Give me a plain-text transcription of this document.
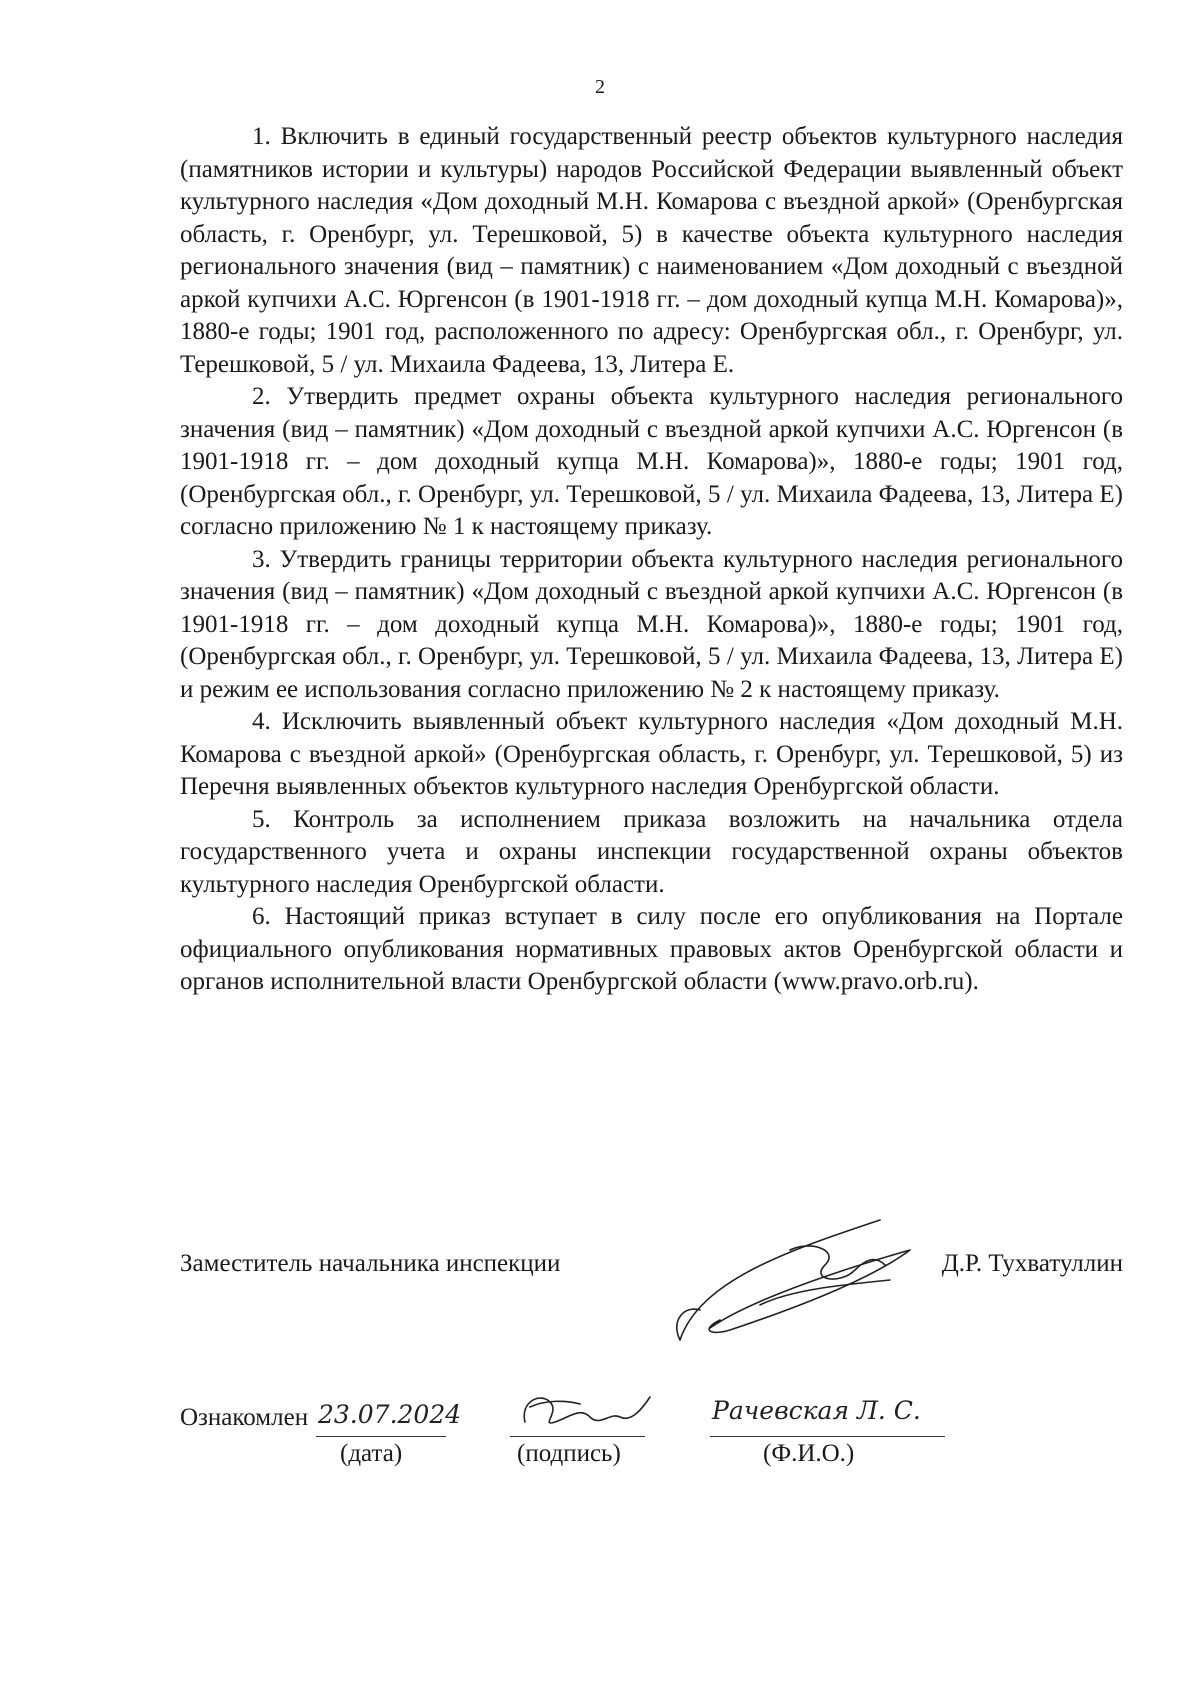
2

1. Включить в единый государственный реестр объектов культурного наследия (памятников истории и культуры) народов Российской Федерации выявленный объект культурного наследия «Дом доходный М.Н. Комарова с въездной аркой» (Оренбургская область, г. Оренбург, ул. Терешковой, 5) в качестве объекта культурного наследия регионального значения (вид – памятник) с наименованием «Дом доходный с въездной аркой купчихи А.С. Юргенсон (в 1901-1918 гг. – дом доходный купца М.Н. Комарова)», 1880-е годы; 1901 год, расположенного по адресу: Оренбургская обл., г. Оренбург, ул. Терешковой, 5 / ул. Михаила Фадеева, 13, Литера Е.

2. Утвердить предмет охраны объекта культурного наследия регионального значения (вид – памятник) «Дом доходный с въездной аркой купчихи А.С. Юргенсон (в 1901-1918 гг. – дом доходный купца М.Н. Комарова)», 1880-е годы; 1901 год, (Оренбургская обл., г. Оренбург, ул. Терешковой, 5 / ул. Михаила Фадеева, 13, Литера Е) согласно приложению № 1 к настоящему приказу.

3. Утвердить границы территории объекта культурного наследия регионального значения (вид – памятник) «Дом доходный с въездной аркой купчихи А.С. Юргенсон (в 1901-1918 гг. – дом доходный купца М.Н. Комарова)», 1880-е годы; 1901 год, (Оренбургская обл., г. Оренбург, ул. Терешковой, 5 / ул. Михаила Фадеева, 13, Литера Е) и режим ее использования согласно приложению № 2 к настоящему приказу.

4. Исключить выявленный объект культурного наследия «Дом доходный М.Н. Комарова с въездной аркой» (Оренбургская область, г. Оренбург, ул. Терешковой, 5) из Перечня выявленных объектов культурного наследия Оренбургской области.

5. Контроль за исполнением приказа возложить на начальника отдела государственного учета и охраны инспекции государственной охраны объектов культурного наследия Оренбургской области.

6. Настоящий приказ вступает в силу после его опубликования на Портале официального опубликования нормативных правовых актов Оренбургской области и органов исполнительной власти Оренбургской области (www.pravo.orb.ru).

Заместитель начальника инспекции	Д.Р. Тухватуллин
Ознакомлен 23.07.2024
(дата)	(подпись)
Рачевская Л. С.
(Ф.И.О.)
